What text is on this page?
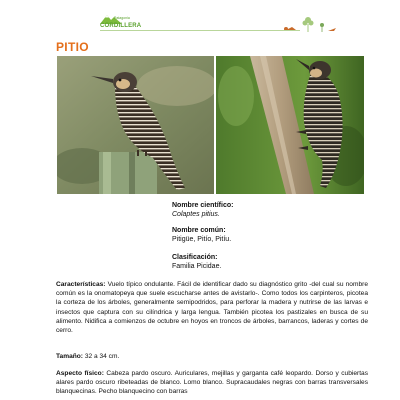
Patagonia
CORDILLERA
PITIO
Nombre científico:
Colaptes pitius.
Nombre común:
Pitigüe, Pitío, Pitíu.
Clasificación:
Familia Picidae.
Características: Vuelo típico ondulante. Fácil de identificar dado su diagnóstico grito -del cual su nombre común es la onomatopeya que suele escucharse antes de avistarlo-. Como todos los carpinteros, picotea la corteza de los árboles, generalmente semipodridos, para perforar la madera y nutrirse de las larvas e insectos que captura con su cilíndrica y larga lengua. También picotea los pastizales en busca de su alimento. Nidifica a comienzos de octubre en hoyos en troncos de árboles, barrancos, laderas y cortes de cerro.
Tamaño: 32 a 34 cm.
Aspecto físico: Cabeza pardo oscuro. Auriculares, mejillas y garganta café leopardo. Dorso y cubiertas alares pardo oscuro ribeteadas de blanco. Lomo blanco. Supracaudales negras con barras transversales blanquecinas. Pecho blanquecino con barras
